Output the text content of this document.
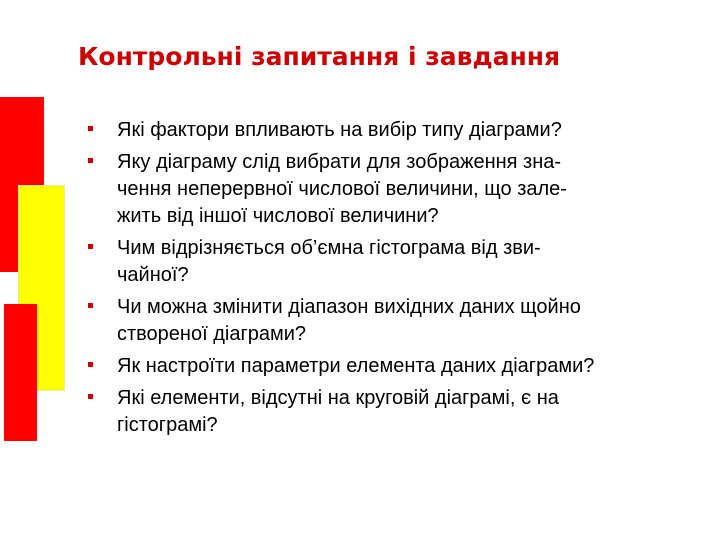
Контрольні запитання і завдання
Які фактори впливають на вибір типу діаграми?
Яку діаграму слід вибрати для зображення зна-
чення неперервної числової величини, що зале-
жить від іншої числової величини?
Чим відрізняється об’ємна гістограма від зви-
чайної?
Чи можна змінити діапазон вихідних даних щойно
створеної діаграми?
Як настроїти параметри елемента даних діаграми?
Які елементи, відсутні на круговій діаграмі, є на
гістограмі?
